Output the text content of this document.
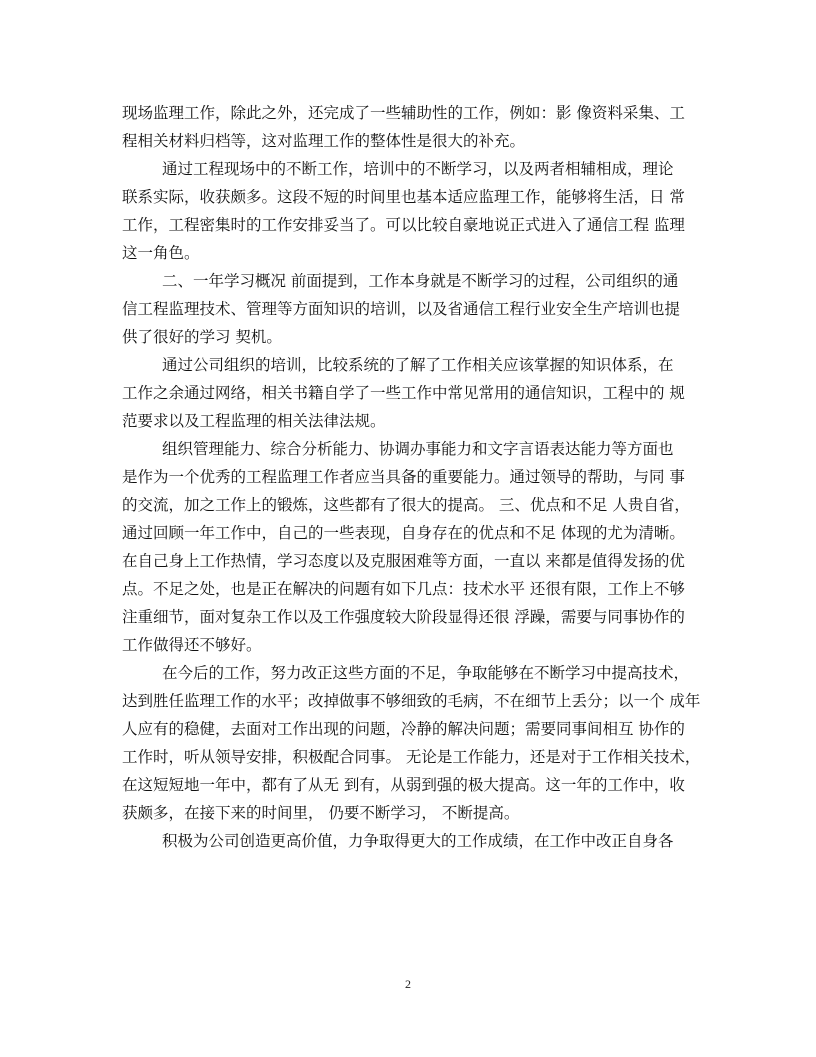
现场监理工作，除此之外，还完成了一些辅助性的工作，例如：影 像资料采集、工
程相关材料归档等，这对监理工作的整体性是很大的补充。
通过工程现场中的不断工作，培训中的不断学习，以及两者相辅相成，理论
联系实际，收获颇多。这段不短的时间里也基本适应监理工作，能够将生活，日 常
工作，工程密集时的工作安排妥当了。可以比较自豪地说正式进入了通信工程 监理
这一角色。
二、一年学习概况 前面提到，工作本身就是不断学习的过程，公司组织的通
信工程监理技术、管理等方面知识的培训，以及省通信工程行业安全生产培训也提
供了很好的学习 契机。
通过公司组织的培训，比较系统的了解了工作相关应该掌握的知识体系，在
工作之余通过网络，相关书籍自学了一些工作中常见常用的通信知识，工程中的 规
范要求以及工程监理的相关法律法规。
组织管理能力、综合分析能力、协调办事能力和文字言语表达能力等方面也
是作为一个优秀的工程监理工作者应当具备的重要能力。通过领导的帮助，与同 事
的交流，加之工作上的锻炼，这些都有了很大的提高。 三、优点和不足 人贵自省，
通过回顾一年工作中，自己的一些表现，自身存在的优点和不足 体现的尤为清晰。
在自己身上工作热情，学习态度以及克服困难等方面，一直以 来都是值得发扬的优
点。不足之处，也是正在解决的问题有如下几点：技术水平 还很有限，工作上不够
注重细节，面对复杂工作以及工作强度较大阶段显得还很 浮躁，需要与同事协作的
工作做得还不够好。
在今后的工作，努力改正这些方面的不足，争取能够在不断学习中提高技术，
达到胜任监理工作的水平；改掉做事不够细致的毛病，不在细节上丢分；以一个 成年
人应有的稳健，去面对工作出现的问题，冷静的解决问题；需要同事间相互 协作的
工作时，听从领导安排，积极配合同事。 无论是工作能力，还是对于工作相关技术，
在这短短地一年中，都有了从无 到有，从弱到强的极大提高。这一年的工作中，收
获颇多，在接下来的时间里， 仍要不断学习， 不断提高。
积极为公司创造更高价值，力争取得更大的工作成绩，在工作中改正自身各
2
